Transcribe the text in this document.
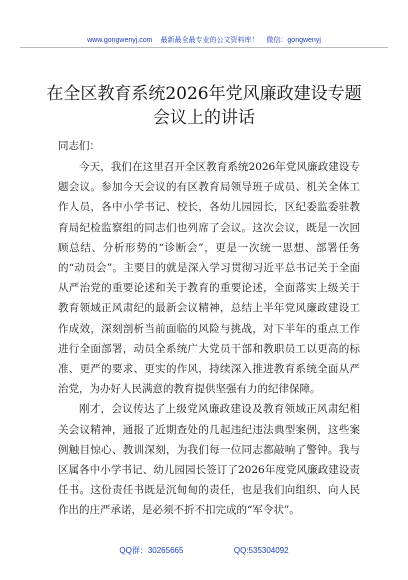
www.gongwenyj.com 最新最全最专业的公文资料库！ 微信：gongwenyj
在全区教育系统2026年党风廉政建设专题会议上的讲话
同志们：

今天，我们在这里召开全区教育系统2026年党风廉政建设专题会议。参加今天会议的有区教育局领导班子成员、机关全体工作人员，各中小学书记、校长，各幼儿园园长，区纪委监委驻教育局纪检监察组的同志们也列席了会议。这次会议，既是一次回顾总结、分析形势的“诊断会”，更是一次统一思想、部署任务的“动员会”。主要目的就是深入学习贯彻习近平总书记关于全面从严治党的重要论述和关于教育的重要论述，全面落实上级关于教育领域正风肃纪的最新会议精神，总结上半年党风廉政建设工作成效，深刻剖析当前面临的风险与挑战，对下半年的重点工作进行全面部署，动员全系统广大党员干部和教职员工以更高的标准、更严的要求、更实的作风，持续深入推进教育系统全面从严治党，为办好人民满意的教育提供坚强有力的纪律保障。

刚才，会议传达了上级党风廉政建设及教育领域正风肃纪相关会议精神，通报了近期查处的几起违纪违法典型案例，这些案例触目惊心、教训深刻，为我们每一位同志都敲响了警钟。我与区属各中小学书记、幼儿园园长签订了2026年度党风廉政建设责任书。这份责任书既是沉甸甸的责任，也是我们向组织、向人民作出的庄严承诺，是必须不折不扣完成的“军令状”。

QQ群：30265665	QQ:535304092
